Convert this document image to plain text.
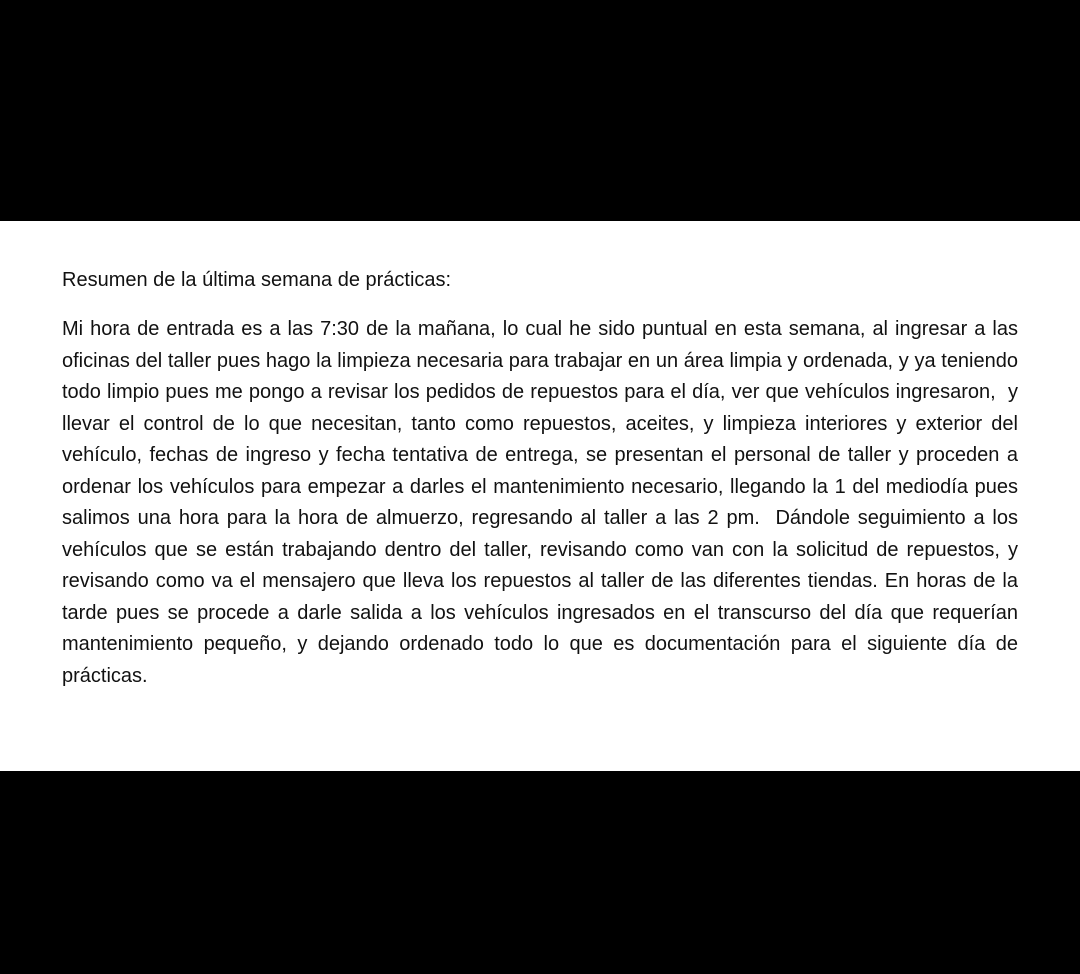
Resumen de la última semana de prácticas:

Mi hora de entrada es a las 7:30 de la mañana, lo cual he sido puntual en esta semana, al ingresar a las oficinas del taller pues hago la limpieza necesaria para trabajar en un área limpia y ordenada, y ya teniendo todo limpio pues me pongo a revisar los pedidos de repuestos para el día, ver que vehículos ingresaron,  y llevar el control de lo que necesitan, tanto como repuestos, aceites, y limpieza interiores y exterior del vehículo, fechas de ingreso y fecha tentativa de entrega, se presentan el personal de taller y proceden a ordenar los vehículos para empezar a darles el mantenimiento necesario, llegando la 1 del mediodía pues salimos una hora para la hora de almuerzo, regresando al taller a las 2 pm.  Dándole seguimiento a los vehículos que se están trabajando dentro del taller, revisando como van con la solicitud de repuestos, y revisando como va el mensajero que lleva los repuestos al taller de las diferentes tiendas. En horas de la tarde pues se procede a darle salida a los vehículos ingresados en el transcurso del día que requerían mantenimiento pequeño, y dejando ordenado todo lo que es documentación para el siguiente día de prácticas.
